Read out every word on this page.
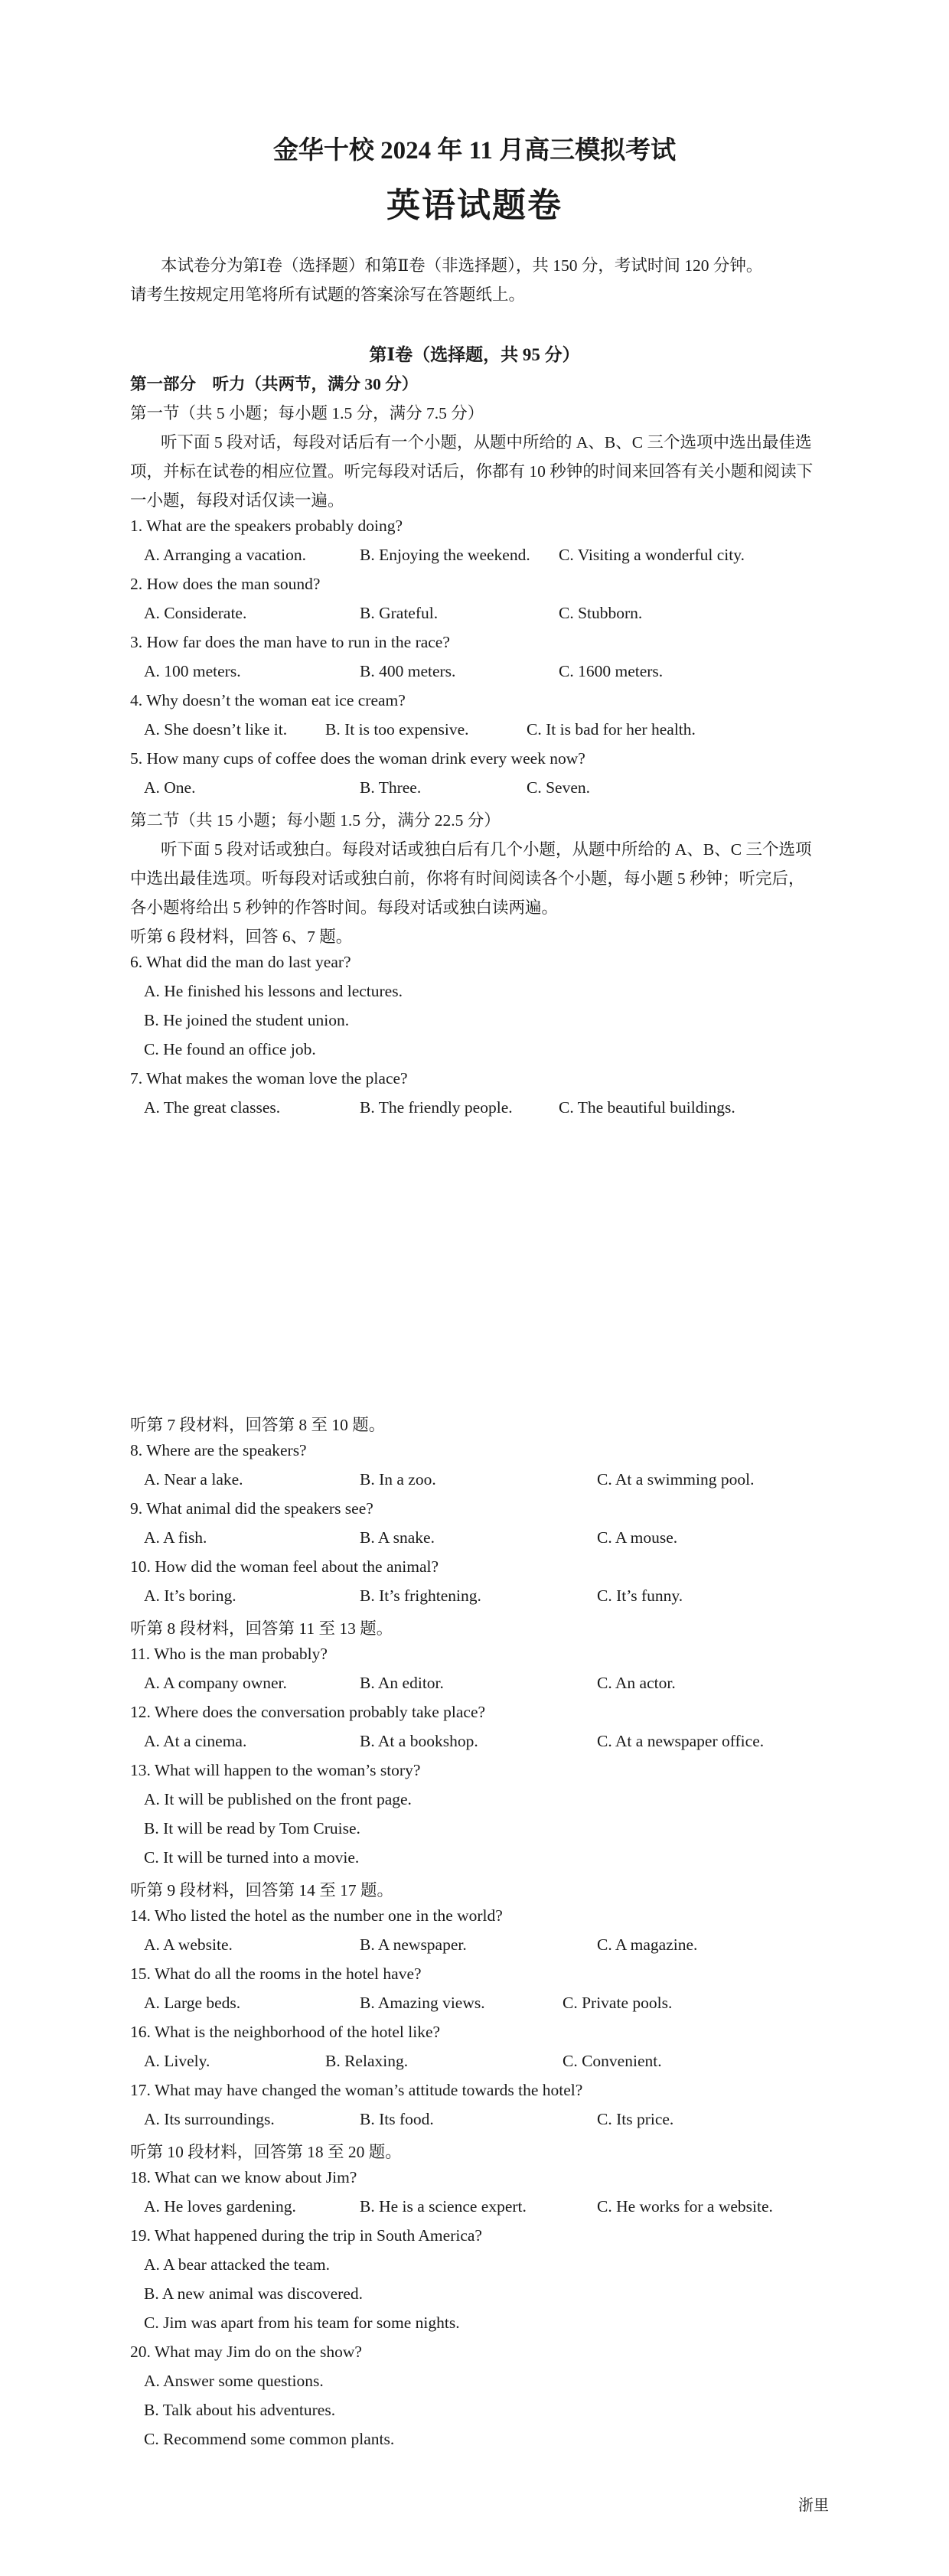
金华十校 2024 年 11 月高三模拟考试
英语试题卷
本试卷分为第Ⅰ卷（选择题）和第Ⅱ卷（非选择题），共 150 分，考试时间 120 分钟。
请考生按规定用笔将所有试题的答案涂写在答题纸上。
第Ⅰ卷（选择题，共 95 分）
第一部分　听力（共两节，满分 30 分）
第一节（共 5 小题；每小题 1.5 分，满分 7.5 分）
听下面 5 段对话，每段对话后有一个小题，从题中所给的 A、B、C 三个选项中选出最佳选
项，并标在试卷的相应位置。听完每段对话后，你都有 10 秒钟的时间来回答有关小题和阅读下
一小题，每段对话仅读一遍。
1. What are the speakers probably doing?
A. Arranging a vacation.	B. Enjoying the weekend. C. Visiting a wonderful city.
2. How does the man sound?
A. Considerate.	B. Grateful.	C. Stubborn.
3. How far does the man have to run in the race?
A. 100 meters.	B. 400 meters.	C. 1600 meters.
4. Why doesn’t the woman eat ice cream?
A. She doesn’t like it. B. It is too expensive.	C. It is bad for her health.
5. How many cups of coffee does the woman drink every week now?
A. One.	B. Three.	C. Seven.
第二节（共 15 小题；每小题 1.5 分，满分 22.5 分）
听下面 5 段对话或独白。每段对话或独白后有几个小题，从题中所给的 A、B、C 三个选项
中选出最佳选项。听每段对话或独白前，你将有时间阅读各个小题，每小题 5 秒钟；听完后，
各小题将给出 5 秒钟的作答时间。每段对话或独白读两遍。
听第 6 段材料，回答 6、7 题。
6. What did the man do last year?
A. He finished his lessons and lectures.
B. He joined the student union.
C. He found an office job.
7. What makes the woman love the place?
A. The great classes.	B. The friendly people.	C. The beautiful buildings.
听第 7 段材料，回答第 8 至 10 题。
8. Where are the speakers?
A. Near a lake.	B. In a zoo.	C. At a swimming pool.
9. What animal did the speakers see?
A. A fish.	B. A snake.	C. A mouse.
10. How did the woman feel about the animal?
A. It’s boring.	B. It’s frightening.	C. It’s funny.
听第 8 段材料，回答第 11 至 13 题。
11. Who is the man probably?
A. A company owner.	B. An editor.	C. An actor.
12. Where does the conversation probably take place?
A. At a cinema.	B. At a bookshop.	C. At a newspaper office.
13. What will happen to the woman’s story?
A. It will be published on the front page.
B. It will be read by Tom Cruise.
C. It will be turned into a movie.
听第 9 段材料，回答第 14 至 17 题。
14. Who listed the hotel as the number one in the world?
A. A website.	B. A newspaper.	C. A magazine.
15. What do all the rooms in the hotel have?
A. Large beds.	B. Amazing views.	C. Private pools.
16. What is the neighborhood of the hotel like?
A. Lively.	B. Relaxing.	C. Convenient.
17. What may have changed the woman’s attitude towards the hotel?
A. Its surroundings.	B. Its food.	C. Its price.
听第 10 段材料，回答第 18 至 20 题。
18. What can we know about Jim?
A. He loves gardening.	B. He is a science expert.	C. He works for a website.
19. What happened during the trip in South America?
A. A bear attacked the team.
B. A new animal was discovered.
C. Jim was apart from his team for some nights.
20. What may Jim do on the show?
A. Answer some questions.
B. Talk about his adventures.
C. Recommend some common plants.
浙里
